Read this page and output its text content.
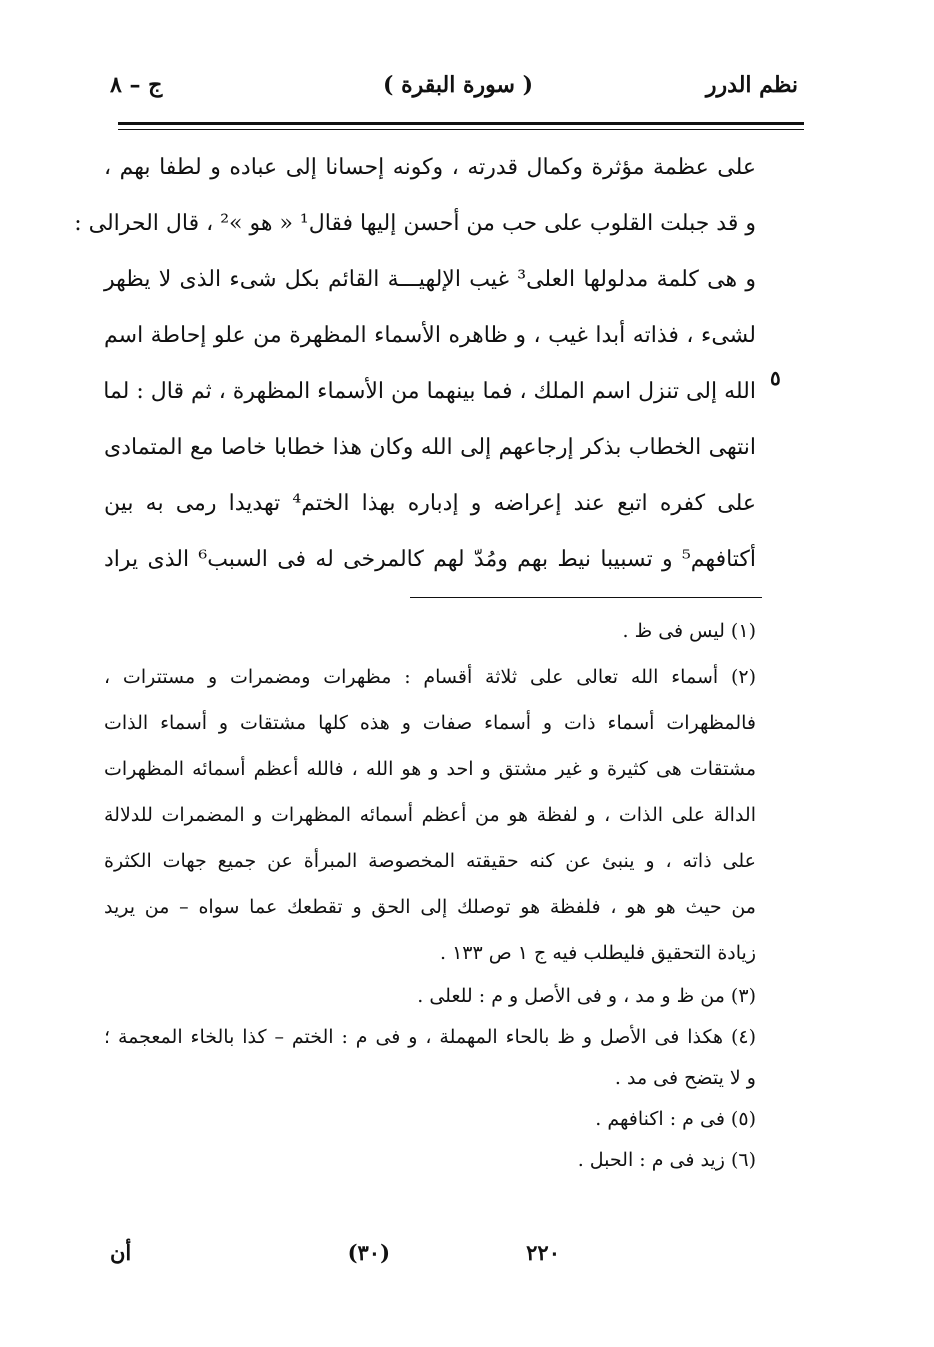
نظم الدرر
( سورة البقرة )
ج – ۸
٥
على عظمة مؤثرة وكمال قدرته ، وكونه إحسانا إلى عباده و لطفا بهم ،
و قد جبلت القلوب على حب من أحسن إليها فقال¹ « هو »² ، قال الحرالى :
و هى كلمة مدلولها العلى³ غيب الإلهيـــة القائم بكل شىء الذى لا يظهر
لشىء ، فذاته أبدا غيب ، و ظاهره الأسماء المظهرة من علو إحاطة اسم
الله إلى تنزل اسم الملك ، فما بينهما من الأسماء المظهرة ، ثم قال : لما
انتهى الخطاب بذكر إرجاعهم إلى الله وكان هذا خطابا خاصا مع المتمادى
على كفره اتبع عند إعراضه و إدباره بهذا الختم⁴ تهديدا رمى به بين
أكتافهم⁵ و تسبيبا نيط بهم ومُدّ لهم كالمرخى له فى السبب⁶ الذى يراد
(١) ليس فى ظ .
(٢) أسماء الله تعالى على ثلاثة أقسام : مظهرات ومضمرات و مستترات ،
فالمظهرات أسماء ذات و أسماء صفات و هذه كلها مشتقات و أسماء الذات
مشتقات هى كثيرة و غير مشتق و احد و هو الله ، فالله أعظم أسمائه المظهرات
الدالة على الذات ، و لفظة هو من أعظم أسمائه المظهرات و المضمرات للدلالة
على ذاته ، و ينبئ عن كنه حقيقته المخصوصة المبرأة عن جميع جهات الكثرة
من حيث هو هو ، فلفظة هو توصلك إلى الحق و تقطعك عما سواه – من يريد
زيادة التحقيق فليطلب فيه ج ١ ص ١٣٣ .
(٣) من ظ و مد ، و فى الأصل و م : للعلى .
(٤) هكذا فى الأصل و ظ بالحاء المهملة ، و فى م : الختم – كذا بالخاء المعجمة ؛
و لا يتضح فى مد .
(٥) فى م : اكنافهم .
(٦) زيد فى م : الحبل .
٢٢٠
(٣٠)
أن
